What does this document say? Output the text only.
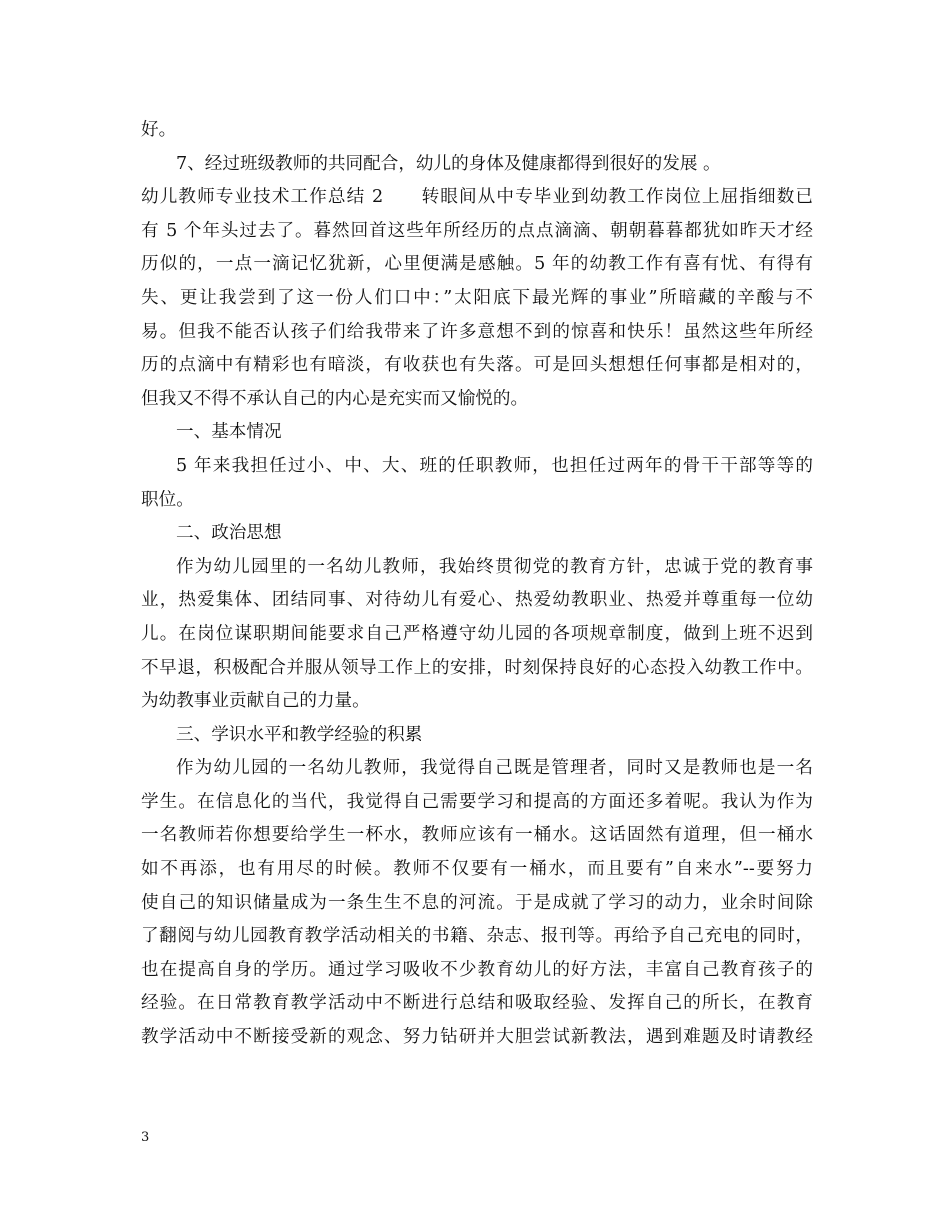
好。
7、经过班级教师的共同配合，幼儿的身体及健康都得到很好的发展 。
幼儿教师专业技术工作总结 2　　转眼间从中专毕业到幼教工作岗位上屈指细数已
有 5 个年头过去了。暮然回首这些年所经历的点点滴滴、朝朝暮暮都犹如昨天才经
历似的，一点一滴记忆犹新，心里便满是感触。5 年的幼教工作有喜有忧、有得有
失、更让我尝到了这一份人们口中：”太阳底下最光辉的事业”所暗藏的辛酸与不
易。但我不能否认孩子们给我带来了许多意想不到的惊喜和快乐！虽然这些年所经
历的点滴中有精彩也有暗淡，有收获也有失落。可是回头想想任何事都是相对的，
但我又不得不承认自己的内心是充实而又愉悦的。
一、基本情况
5 年来我担任过小、中、大、班的任职教师，也担任过两年的骨干干部等等的
职位。
二、政治思想
作为幼儿园里的一名幼儿教师，我始终贯彻党的教育方针，忠诚于党的教育事
业，热爱集体、团结同事、对待幼儿有爱心、热爱幼教职业、热爱并尊重每一位幼
儿。在岗位谋职期间能要求自己严格遵守幼儿园的各项规章制度，做到上班不迟到
不早退，积极配合并服从领导工作上的安排，时刻保持良好的心态投入幼教工作中。
为幼教事业贡献自己的力量。
三、学识水平和教学经验的积累
作为幼儿园的一名幼儿教师，我觉得自己既是管理者，同时又是教师也是一名
学生。在信息化的当代，我觉得自己需要学习和提高的方面还多着呢。我认为作为
一名教师若你想要给学生一杯水，教师应该有一桶水。这话固然有道理，但一桶水
如不再添，也有用尽的时候。教师不仅要有一桶水，而且要有”自来水”--要努力
使自己的知识储量成为一条生生不息的河流。于是成就了学习的动力，业余时间除
了翻阅与幼儿园教育教学活动相关的书籍、杂志、报刊等。再给予自己充电的同时，
也在提高自身的学历。通过学习吸收不少教育幼儿的好方法，丰富自己教育孩子的
经验。在日常教育教学活动中不断进行总结和吸取经验、发挥自己的所长，在教育
教学活动中不断接受新的观念、努力钻研并大胆尝试新教法，遇到难题及时请教经
3
